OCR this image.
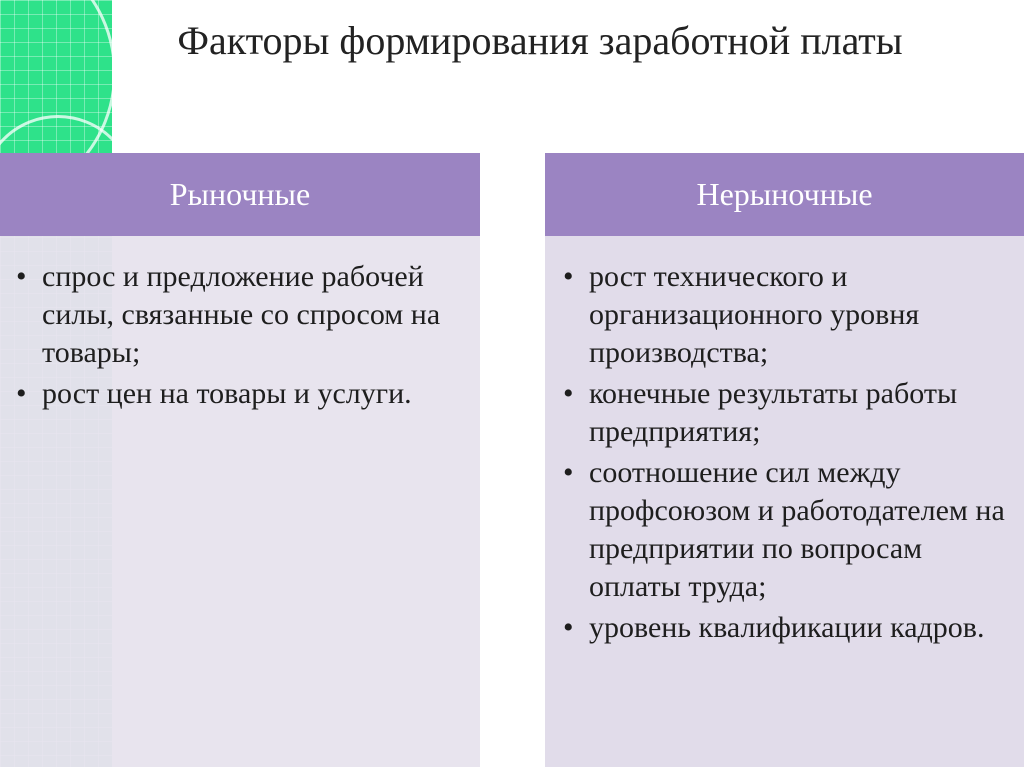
Факторы формирования заработной платы
Рыночные
• спрос и предложение рабочей силы, связанные со спросом на товары;
• рост цен на товары и услуги.
Нерыночные
• рост технического и организационного уровня производства;
• конечные результаты работы предприятия;
• соотношение сил между профсоюзом и работодателем на предприятии по вопросам оплаты труда;
• уровень квалификации кадров.
